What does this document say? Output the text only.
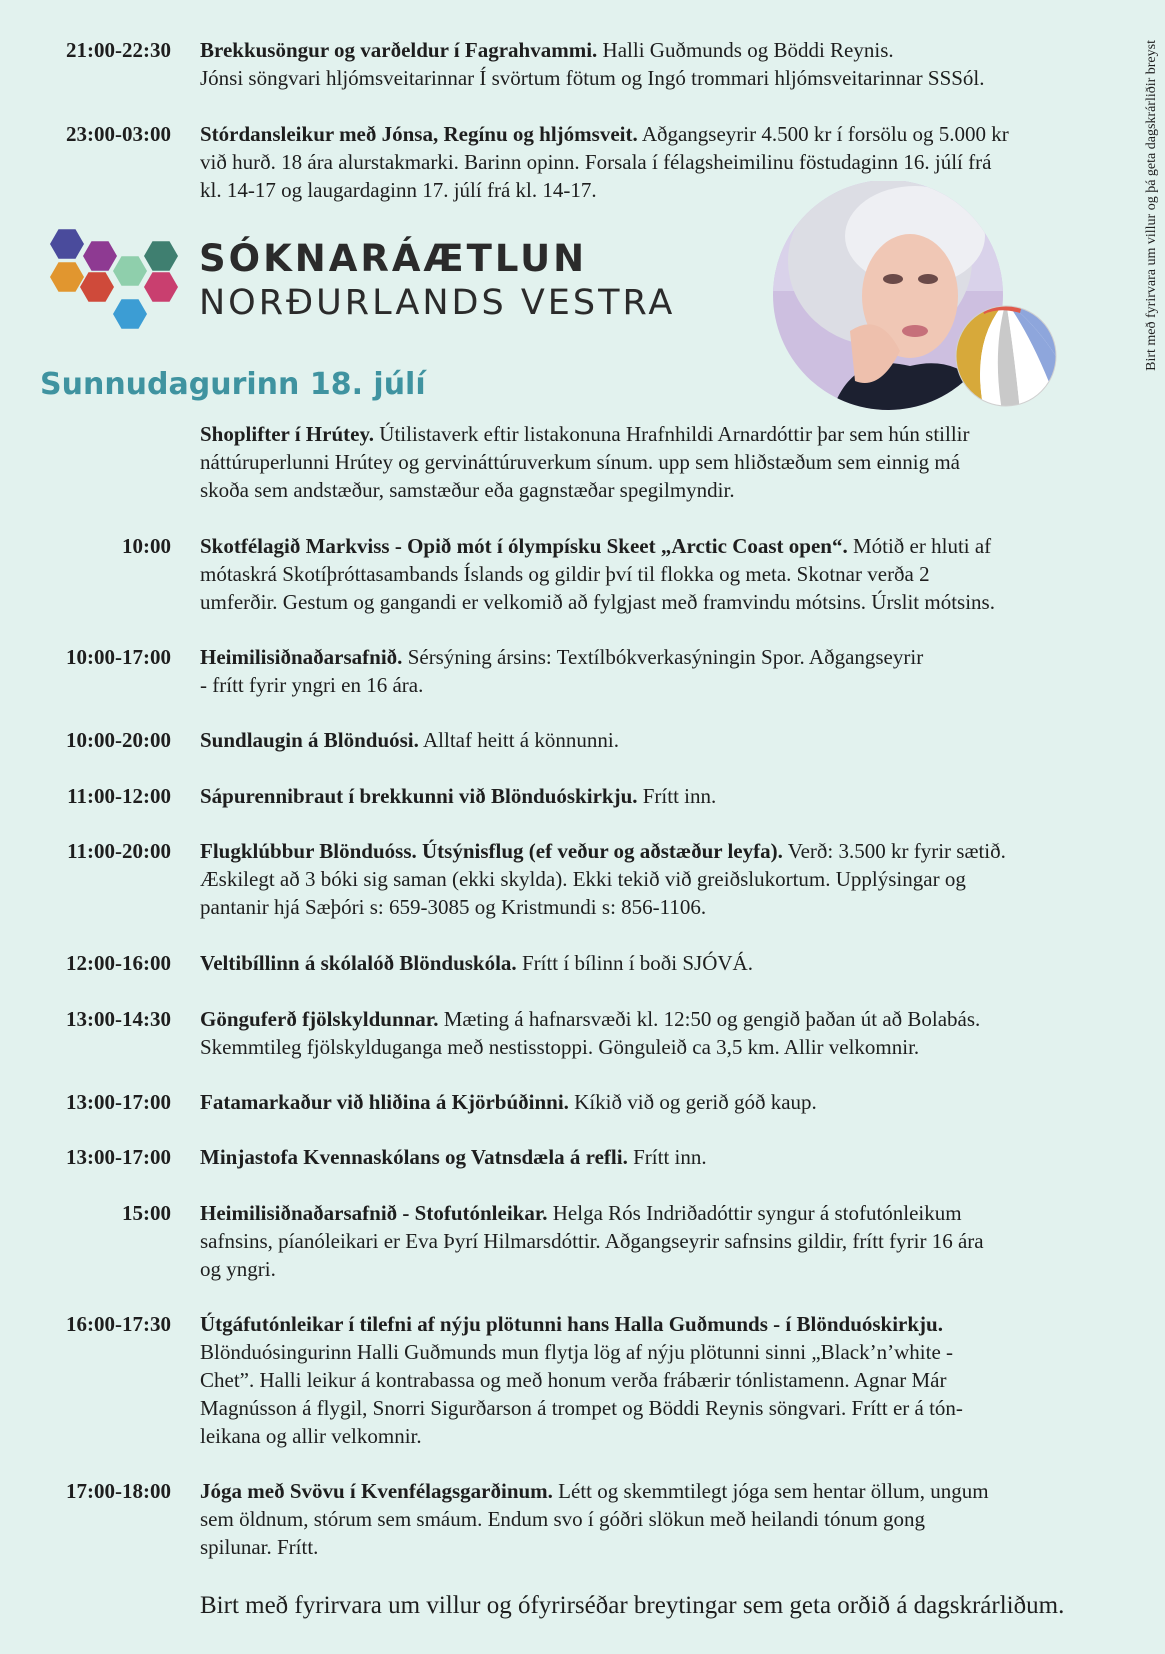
21:00-22:30 Brekkusöngur og varðeldur í Fagrahvammi. Halli Guðmunds og Böddi Reynis.
Jónsi söngvari hljómsveitarinnar Í svörtum fötum og Ingó trommari hljómsveitarinnar SSSól.
23:00-03:00 Stórdansleikur með Jónsa, Regínu og hljómsveit. Aðgangseyrir 4.500 kr í forsölu og 5.000 kr
við hurð. 18 ára alurstakmarki. Barinn opinn. Forsala í félagsheimilinu föstudaginn 16. júlí frá
kl. 14-17 og laugardaginn 17. júlí frá kl. 14-17.
SÓKNARÁÆTLUN
NORÐURLANDS VESTRA
Sunnudagurinn 18. júlí
Birt með fyrirvara um villur og þá geta dagskrárliðir breyst
Shoplifter í Hrútey. Útilistaverk eftir listakonuna Hrafnhildi Arnardóttir þar sem hún stillir
náttúruperlunni Hrútey og gervináttúruverkum sínum. upp sem hliðstæðum sem einnig má
skoða sem andstæður, samstæður eða gagnstæðar spegilmyndir.
10:00 Skotfélagið Markviss - Opið mót í ólympísku Skeet „Arctic Coast open“. Mótið er hluti af
mótaskrá Skotíþróttasambands Íslands og gildir því til flokka og meta. Skotnar verða 2
umferðir. Gestum og gangandi er velkomið að fylgjast með framvindu mótsins. Úrslit mótsins.
10:00-17:00 Heimilisiðnaðarsafnið. Sérsýning ársins: Textílbókverkasýningin Spor. Aðgangseyrir
- frítt fyrir yngri en 16 ára.
10:00-20:00 Sundlaugin á Blönduósi. Alltaf heitt á könnunni.
11:00-12:00 Sápurennibraut í brekkunni við Blönduóskirkju. Frítt inn.
11:00-20:00 Flugklúbbur Blönduóss. Útsýnisflug (ef veður og aðstæður leyfa). Verð: 3.500 kr fyrir sætið.
Æskilegt að 3 bóki sig saman (ekki skylda). Ekki tekið við greiðslukortum. Upplýsingar og
pantanir hjá Sæþóri s: 659-3085 og Kristmundi s: 856-1106.
12:00-16:00 Veltibíllinn á skólalóð Blönduskóla. Frítt í bílinn í boði SJÓVÁ.
13:00-14:30 Gönguferð fjölskyldunnar. Mæting á hafnarsvæði kl. 12:50 og gengið þaðan út að Bolabás.
Skemmtileg fjölskylduganga með nestisstoppi. Gönguleið ca 3,5 km. Allir velkomnir.
13:00-17:00 Fatamarkaður við hliðina á Kjörbúðinni. Kíkið við og gerið góð kaup.
13:00-17:00 Minjastofa Kvennaskólans og Vatnsdæla á refli. Frítt inn.
15:00 Heimilisiðnaðarsafnið - Stofutónleikar. Helga Rós Indriðadóttir syngur á stofutónleikum
safnsins, píanóleikari er Eva Þyrí Hilmarsdóttir. Aðgangseyrir safnsins gildir, frítt fyrir 16 ára
og yngri.
16:00-17:30 Útgáfutónleikar í tilefni af nýju plötunni hans Halla Guðmunds - í Blönduóskirkju.
Blönduósingurinn Halli Guðmunds mun flytja lög af nýju plötunni sinni „Black’n’white -
Chet”. Halli leikur á kontrabassa og með honum verða frábærir tónlistamenn. Agnar Már
Magnússon á flygil, Snorri Sigurðarson á trompet og Böddi Reynis söngvari. Frítt er á tón-
leikana og allir velkomnir.
17:00-18:00 Jóga með Svövu í Kvenfélagsgarðinum. Létt og skemmtilegt jóga sem hentar öllum, ungum
sem öldnum, stórum sem smáum. Endum svo í góðri slökun með heilandi tónum gong
spilunar. Frítt.
Birt með fyrirvara um villur og ófyrirséðar breytingar sem geta orðið á dagskrárliðum.
